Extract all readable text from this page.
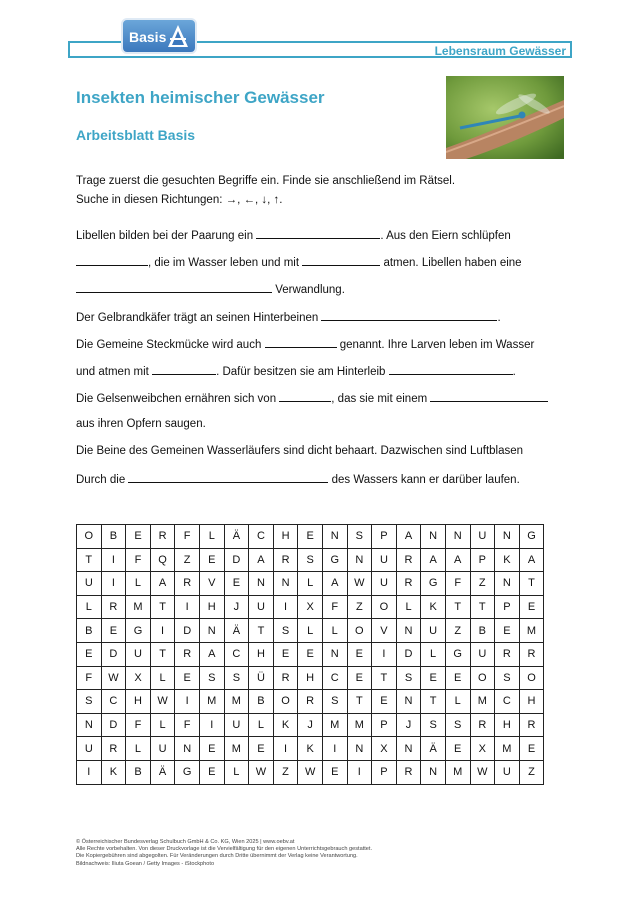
Basis
Lebensraum Gewässer
Insekten heimischer Gewässer
Arbeitsblatt Basis
Trage zuerst die gesuchten Begriffe ein. Finde sie anschließend im Rätsel.
Suche in diesen Richtungen: →, ←, ↓, ↑.
Libellen bilden bei der Paarung ein	. Aus den Eiern schlüpfen
, die im Wasser leben und mit	atmen. Libellen haben eine
Verwandlung.
Der Gelbrandkäfer trägt an seinen Hinterbeinen	.
Die Gemeine Steckmücke wird auch	genannt. Ihre Larven leben im Wasser
und atmen mit	. Dafür besitzen sie am Hinterleib	.
Die Gelsenweibchen ernähren sich von	, das sie mit einem
aus ihren Opfern saugen.
Die Beine des Gemeinen Wasserläufers sind dicht behaart. Dazwischen sind Luftblasen
Durch die	des Wassers kann er darüber laufen.
O	B	E	R	F	L	Ä	C	H	E	N	S	P	A	N	N	U	N	G
T	I	F	Q	Z	E	D	A	R	S	G	N	U	R	A	A	P	K	A
U	I	L	A	R	V	E	N	N	L	A	W	U	R	G	F	Z	N	T
L	R	M	T	I	H	J	U	I	X	F	Z	O	L	K	T	T	P	E
B	E	G	I	D	N	Ä	T	S	L	L	O	V	N	U	Z	B	E	M
E	D	U	T	R	A	C	H	E	E	N	E	I	D	L	G	U	R	R
F	W	X	L	E	S	S	Ü	R	H	C	E	T	S	E	E	O	S	O
S	C	H	W	I	M	M	B	O	R	S	T	E	N	T	L	M	C	H
N	D	F	L	F	I	U	L	K	J	M	M	P	J	S	S	R	H	R
U	R	L	U	N	E	M	E	I	K	I	N	X	N	Ä	E	X	M	E
I	K	B	Ä	G	E	L	W	Z	W	E	I	P	R	N	M	W	U	Z
© Österreichischer Bundesverlag Schulbuch GmbH & Co. KG, Wien 2025 | www.oebv.at
Alle Rechte vorbehalten. Von dieser Druckvorlage ist die Vervielfältigung für den eigenen Unterrichtsgebrauch gestattet.
Die Kopiergebühren sind abgegolten. Für Veränderungen durch Dritte übernimmt der Verlag keine Verantwortung.
Bildnachweis: Iliuta Goean / Getty Images - iStockphoto
